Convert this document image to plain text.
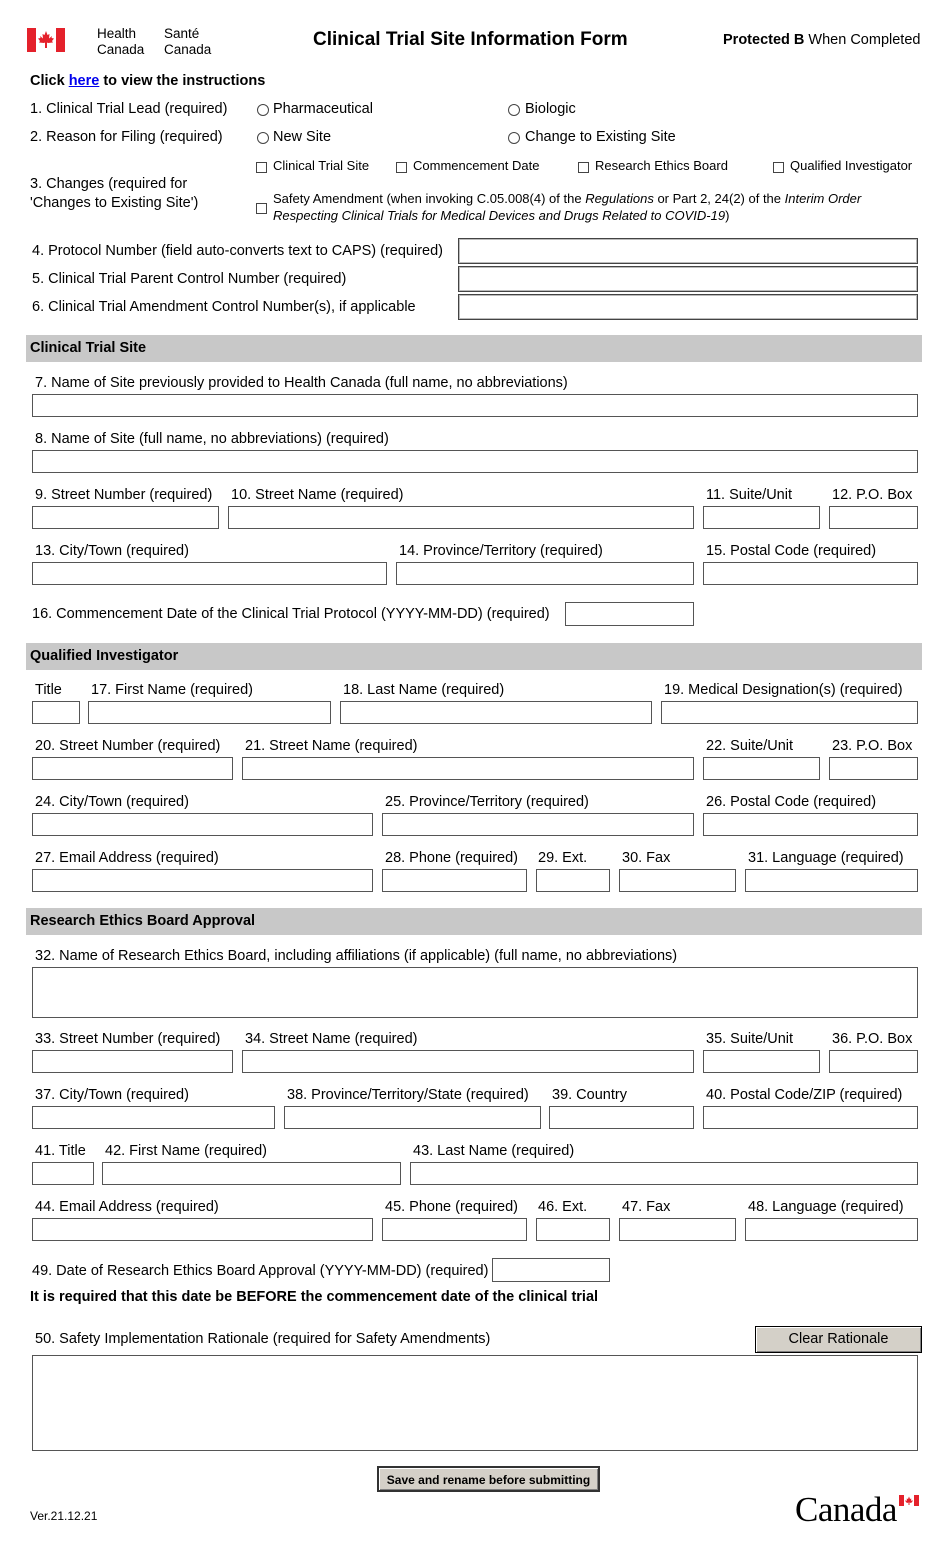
Health
Canada
Santé
Canada	Clinical Trial Site Information Form	Protected B When Completed
Click here to view the instructions
1. Clinical Trial Lead (required)	Pharmaceutical	Biologic
2. Reason for Filing (required)	New Site	Change to Existing Site
Clinical Trial Site	Commencement Date	Research Ethics Board	Qualified Investigator
3. Changes (required for
'Changes to Existing Site')	Safety Amendment (when invoking C.05.008(4) of the Regulations or Part 2, 24(2) of the Interim Order
Respecting Clinical Trials for Medical Devices and Drugs Related to COVID-19)
4. Protocol Number (field auto-converts text to CAPS) (required)
5. Clinical Trial Parent Control Number (required)
6. Clinical Trial Amendment Control Number(s), if applicable
Clinical Trial Site
7. Name of Site previously provided to Health Canada (full name, no abbreviations)
8. Name of Site (full name, no abbreviations) (required)
9. Street Number (required) 10. Street Name (required)	11. Suite/Unit	12. P.O. Box
13. City/Town (required)	14. Province/Territory (required)	15. Postal Code (required)
16. Commencement Date of the Clinical Trial Protocol (YYYY-MM-DD) (required)
Qualified Investigator
Title 17. First Name (required)	18. Last Name (required)	19. Medical Designation(s) (required)
20. Street Number (required) 21. Street Name (required)	22. Suite/Unit	23. P.O. Box
24. City/Town (required)	25. Province/Territory (required)	26. Postal Code (required)
27. Email Address (required)	28. Phone (required) 29. Ext. 30. Fax	31. Language (required)
Research Ethics Board Approval
32. Name of Research Ethics Board, including affiliations (if applicable) (full name, no abbreviations)
33. Street Number (required) 34. Street Name (required)	35. Suite/Unit	36. P.O. Box
37. City/Town (required)	38. Province/Territory/State (required) 39. Country	40. Postal Code/ZIP (required)
41. Title 42. First Name (required)	43. Last Name (required)
44. Email Address (required)	45. Phone (required) 46. Ext. 47. Fax	48. Language (required)
49. Date of Research Ethics Board Approval (YYYY-MM-DD) (required)
It is required that this date be BEFORE the commencement date of the clinical trial
50. Safety Implementation Rationale (required for Safety Amendments)	Clear Rationale
Save and rename before submitting
Ver.21.12.21	Canada
